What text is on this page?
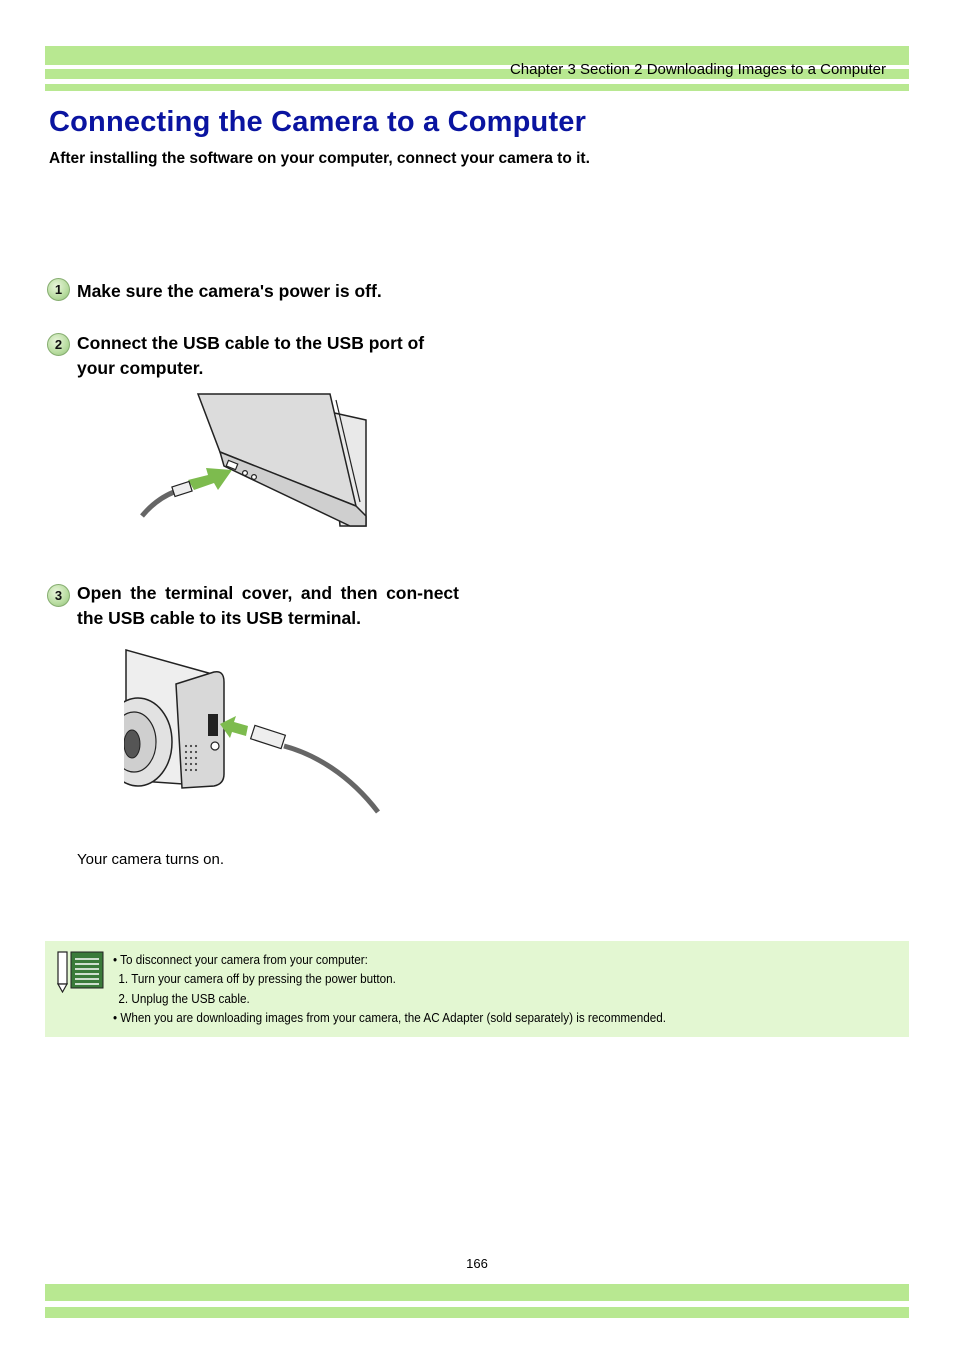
Chapter 3 Section 2 Downloading Images to a Computer
Connecting the Camera to a Computer
After installing the software on your computer, connect your camera to it.
1 Make sure the camera's power is off.
2 Connect the USB cable to the USB port of your computer.
3 Open the terminal cover, and then con-nect the USB cable to its USB terminal.
Your camera turns on.
• To disconnect your camera from your computer:
1. Turn your camera off by pressing the power button.
2. Unplug the USB cable.
• When you are downloading images from your camera, the AC Adapter (sold separately) is recommended.
166
